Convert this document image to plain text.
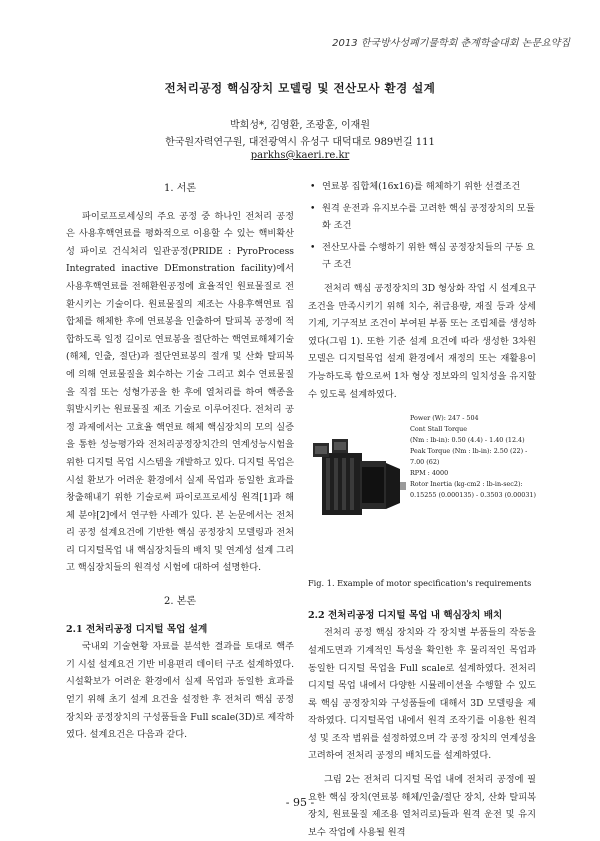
2013 한국방사성폐기물학회 춘계학술대회 논문요약집
전처리공정 핵심장치 모델링 및 전산모사 환경 설계
박희성*, 김영환, 조광훈, 이재원
한국원자력연구원, 대전광역시 유성구 대덕대로 989번길 111
parkhs@kaeri.re.kr
1. 서론

파이로프로세싱의 주요 공정 중 하나인 전처리 공정은 사용후핵연료를 평화적으로 이용할 수 있는 핵비확산성 파이로 건식처리 일관공정(PRIDE : PyroProcess Integrated inactive DEmonstration facility)에서 사용후핵연료를 전해환원공정에 효율적인 원료물질로 전환시키는 기술이다. 원료물질의 제조는 사용후핵연료 집합체를 해체한 후에 연료봉을 인출하여 탈피복 공정에 적합하도록 일정 길이로 연료봉을 절단하는 핵연료해체기술(해체, 인출, 절단)과 절단연료봉의 절개 및 산화 탈피복에 의해 연료물질을 회수하는 기술 그리고 회수 연료물질을 직접 또는 성형가공을 한 후에 열처리를 하여 핵종을 휘발시키는 원료물질 제조 기술로 이루어진다. 전처리 공정 과제에서는 고효율 핵연료 해체 핵심장치의 모의 실증을 통한 성능평가와 전처리공정장치간의 연계성능시험을 위한 디지털 목업 시스템을 개발하고 있다. 디지털 목업은 시설 환보가 어려운 환경에서 실제 목업과 동일한 효과를 창출해내기 위한 기술로써 파이로프로세싱 원격[1]과 해체 분야[2]에서 연구한 사례가 있다. 본 논문에서는 전처리 공정 설계요건에 기반한 핵심 공정장치 모델링과 전처리 디지털목업 내 핵심장치들의 배치 및 연계성 설계 그리고 핵심장치들의 원격성 시험에 대하여 설명한다.

2. 본론
2.1 전처리공정 디지털 목업 설계

국내외 기술현황 자료를 분석한 결과를 토대로 핵주기 시설 설계요건 기반 비용편리 데이터 구조 설계하였다. 시설확보가 어려운 환경에서 실제 목업과 동일한 효과를 얻기 위해 초기 설계 요건을 설정한 후 전처리 핵심 공정장치와 공정장치의 구성품들을 Full scale(3D)로 제작하였다. 설계요건은 다음과 같다.

• 연료봉 집합체(16x16)를 해체하기 위한 선결조건
• 원격 운전과 유지보수를 고려한 핵심 공정장치의 모듈화 조건
• 전산모사를 수행하기 위한 핵심 공정장치들의 구동 요구 조건

전처리 핵심 공정장치의 3D 형상화 작업 시 설계요구조건을 만족시키기 위해 치수, 취급용량, 재질 등과 상세 기계, 기구적보 조건이 부여된 부품 또는 조립체를 생성하였다(그림 1). 또한 기준 설계 요건에 따라 생성한 3차원 모델은 디지털목업 설계 환경에서 재정의 또는 재활용이 가능하도록 함으로써 1차 형상 정보와의 일치성을 유지할 수 있도록 설계하였다.

Power (W): 247 - 504
Cont Stall Torque
(Nm : lb-in): 0.50 (4.4) - 1.40 (12.4)
Peak Torque (Nm : lb-in): 2.50 (22) - 7.00 (62)
RPM : 4000
Rotor Inertia (kg-cm2 : lb-in-sec2): 0.15255 (0.000135) - 0.3503 (0.00031)
Fig. 1. Example of motor specification's requirements
2.2 전처리공정 디지털 목업 내 핵심장치 배치

전처리 공정 핵심 장치와 각 장치별 부품들의 작동을 설계도면과 기계적인 특성을 확인한 후 물리적인 목업과 동일한 디지털 목업을 Full scale로 설계하였다. 전처리 디지털 목업 내에서 다양한 시뮬레이션을 수행할 수 있도록 핵심 공정장치와 구성품들에 대해서 3D 모델링을 제작하였다. 디지털목업 내에서 원격 조작기를 이용한 원격성 및 조작 범위를 설정하였으며 각 공정 장치의 연계성을 고려하여 전처리 공정의 배치도를 설계하였다.

그림 2는 전처리 디지털 목업 내에 전처리 공정에 필요한 핵심 장치(연료봉 해체/인출/절단 장치, 산화 탈피복 장치, 원료물질 제조용 열처리로)들과 원격 운전 및 유지보수 작업에 사용될 원격

- 95 -
